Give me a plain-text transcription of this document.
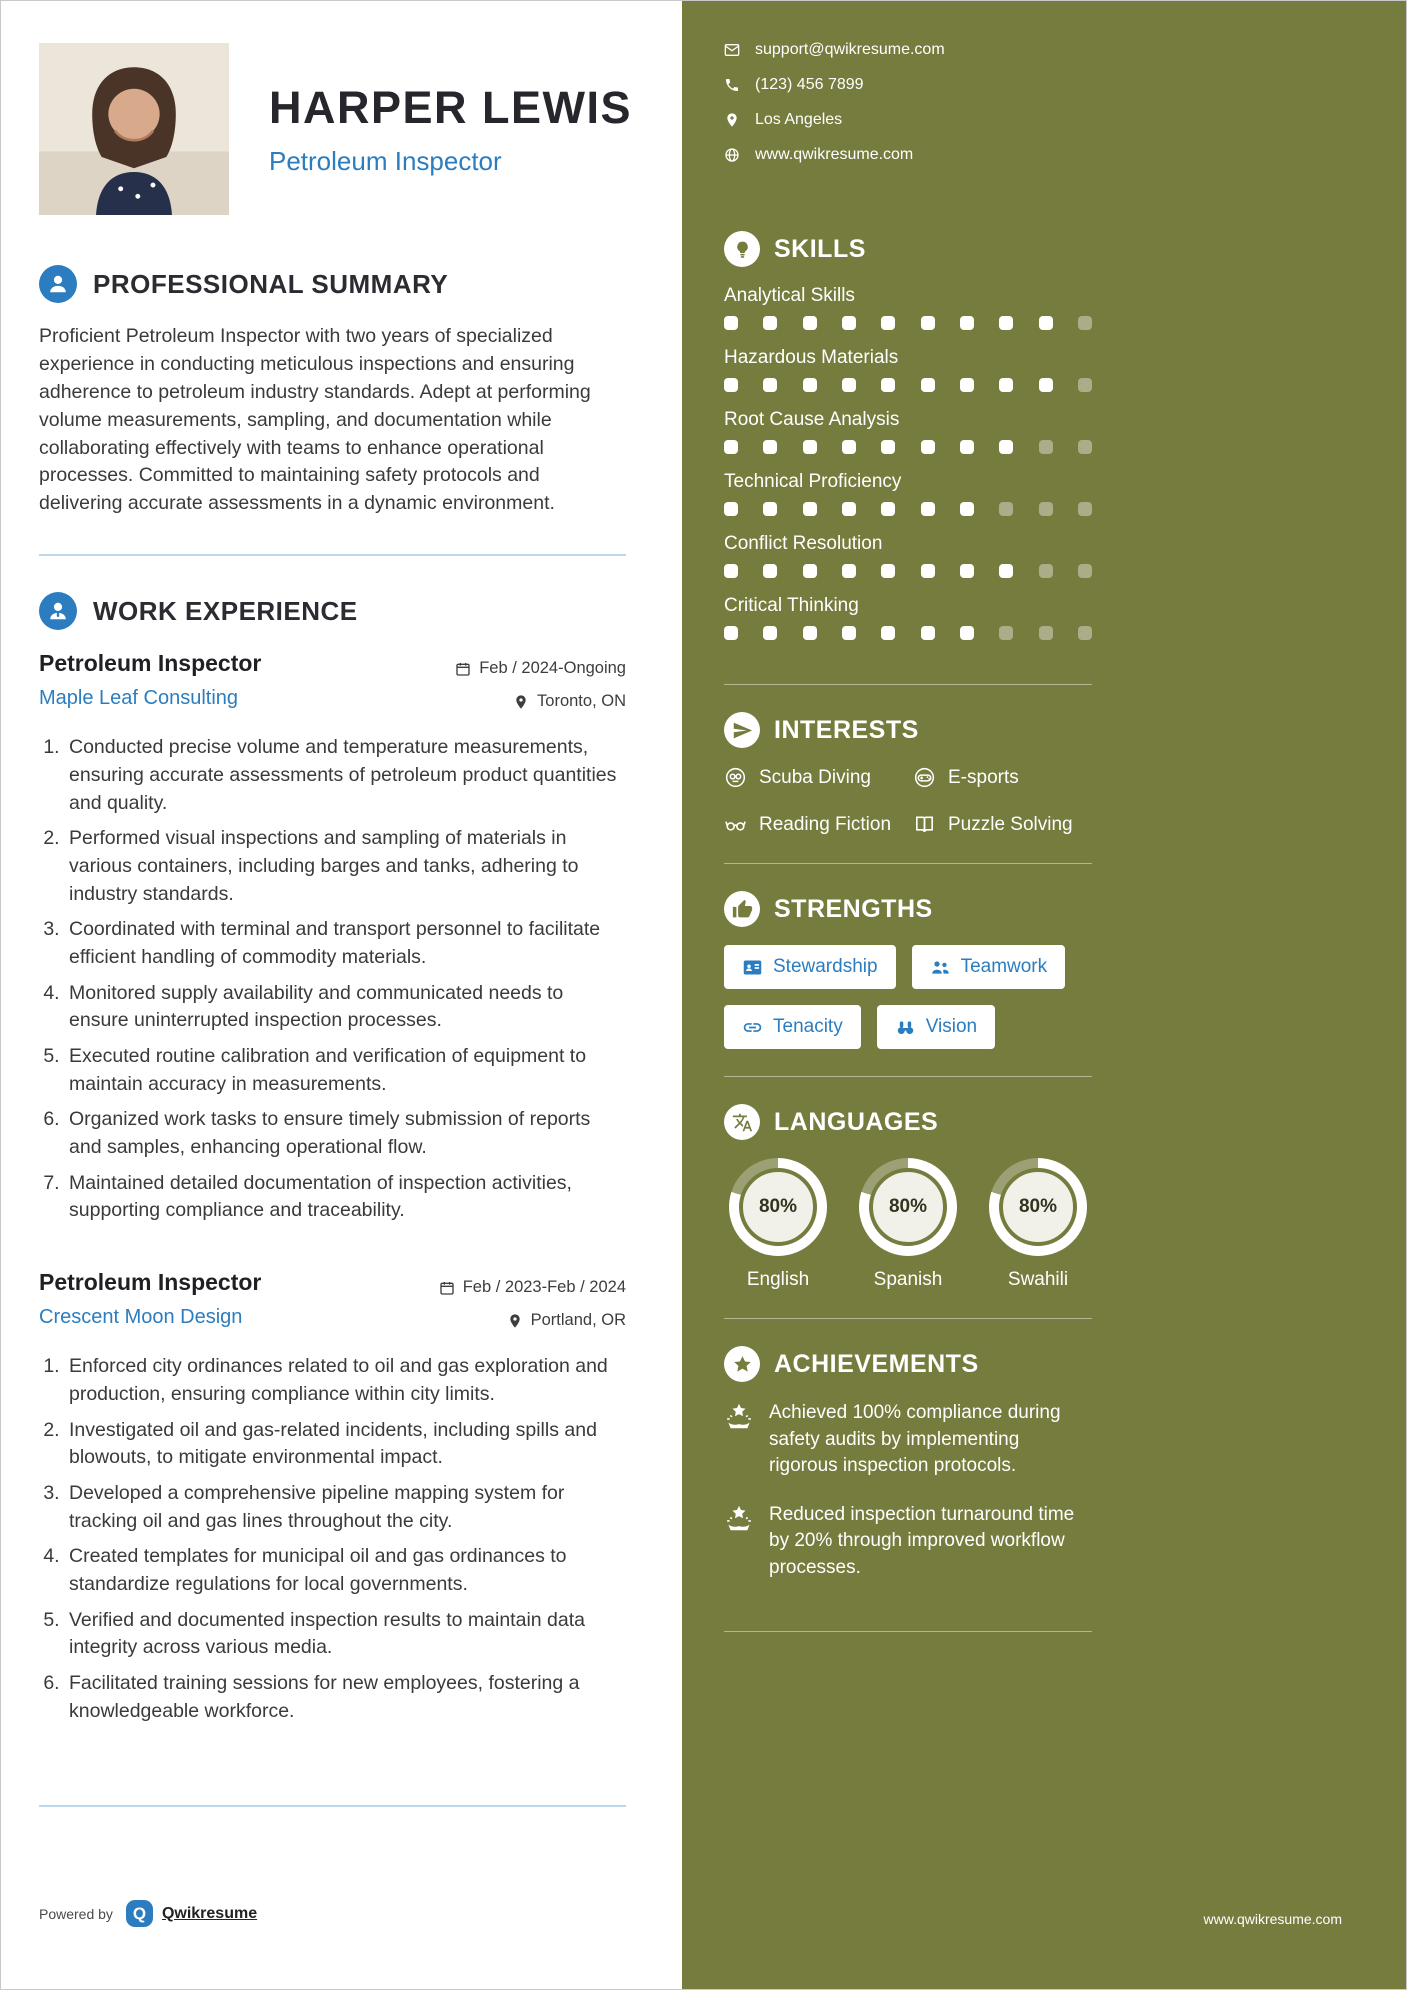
HARPER LEWIS
Petroleum Inspector
PROFESSIONAL SUMMARY

Proficient Petroleum Inspector with two years of specialized experience in conducting meticulous inspections and ensuring adherence to petroleum industry standards. Adept at performing volume measurements, sampling, and documentation while collaborating effectively with teams to enhance operational processes. Committed to maintaining safety protocols and delivering accurate assessments in a dynamic environment.

WORK EXPERIENCE
Petroleum Inspector	Feb / 2024-Ongoing
Maple Leaf Consulting	Toronto, ON
1. Conducted precise volume and temperature measurements, ensuring accurate assessments of petroleum product quantities and quality.
2. Performed visual inspections and sampling of materials in various containers, including barges and tanks, adhering to industry standards.
3. Coordinated with terminal and transport personnel to facilitate efficient handling of commodity materials.
4. Monitored supply availability and communicated needs to ensure uninterrupted inspection processes.
5. Executed routine calibration and verification of equipment to maintain accuracy in measurements.
6. Organized work tasks to ensure timely submission of reports and samples, enhancing operational flow.
7. Maintained detailed documentation of inspection activities, supporting compliance and traceability.
Petroleum Inspector	Feb / 2023-Feb / 2024
Crescent Moon Design	Portland, OR
1. Enforced city ordinances related to oil and gas exploration and production, ensuring compliance within city limits.
2. Investigated oil and gas-related incidents, including spills and blowouts, to mitigate environmental impact.
3. Developed a comprehensive pipeline mapping system for tracking oil and gas lines throughout the city.
4. Created templates for municipal oil and gas ordinances to standardize regulations for local governments.
5. Verified and documented inspection results to maintain data integrity across various media.
6. Facilitated training sessions for new employees, fostering a knowledgeable workforce.
Powered by	Q Qwikresume
support@qwikresume.com
(123) 456 7899
Los Angeles
www.qwikresume.com
SKILLS
Analytical Skills
Hazardous Materials
Root Cause Analysis
Technical Proficiency
Conflict Resolution
Critical Thinking
INTERESTS
Scuba Diving	E-sports
Reading Fiction	Puzzle Solving
STRENGTHS
Stewardship	Teamwork
Tenacity	Vision
LANGUAGES
80%
English
80%
Spanish
80%
Swahili
ACHIEVEMENTS

Achieved 100% compliance during safety audits by implementing rigorous inspection protocols.

Reduced inspection turnaround time by 20% through improved workflow processes.

www.qwikresume.com
